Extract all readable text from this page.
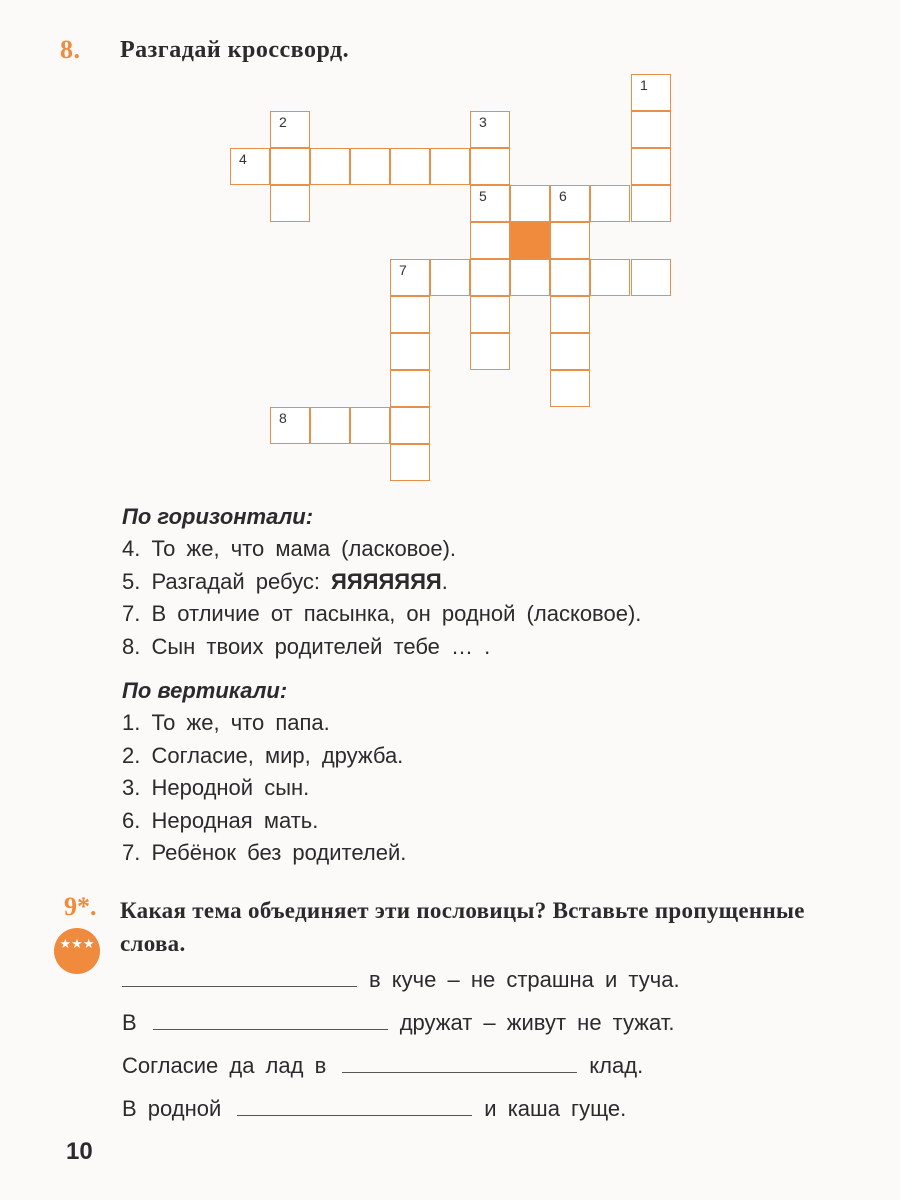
8. Разгадай кроссворд.
1
2	3
4
5	6
7
8
По горизонтали:
4. То же, что мама (ласковое).
5. Разгадай ребус: ЯЯЯЯЯЯЯ.
7. В отличие от пасынка, он родной (ласковое).
8. Сын твоих родителей тебе … .
По вертикали:
1. То же, что папа.
2. Согласие, мир, дружба.
3. Неродной сын.
6. Неродная мать.
7. Ребёнок без родителей.
9*.
★★★
Какая тема объединяет эти пословицы? Вставьте пропущенные слова.
в куче – не страшна и туча.
В	дружат – живут не тужат.
Согласие да лад в	клад.
В родной	и каша гуще.
10
